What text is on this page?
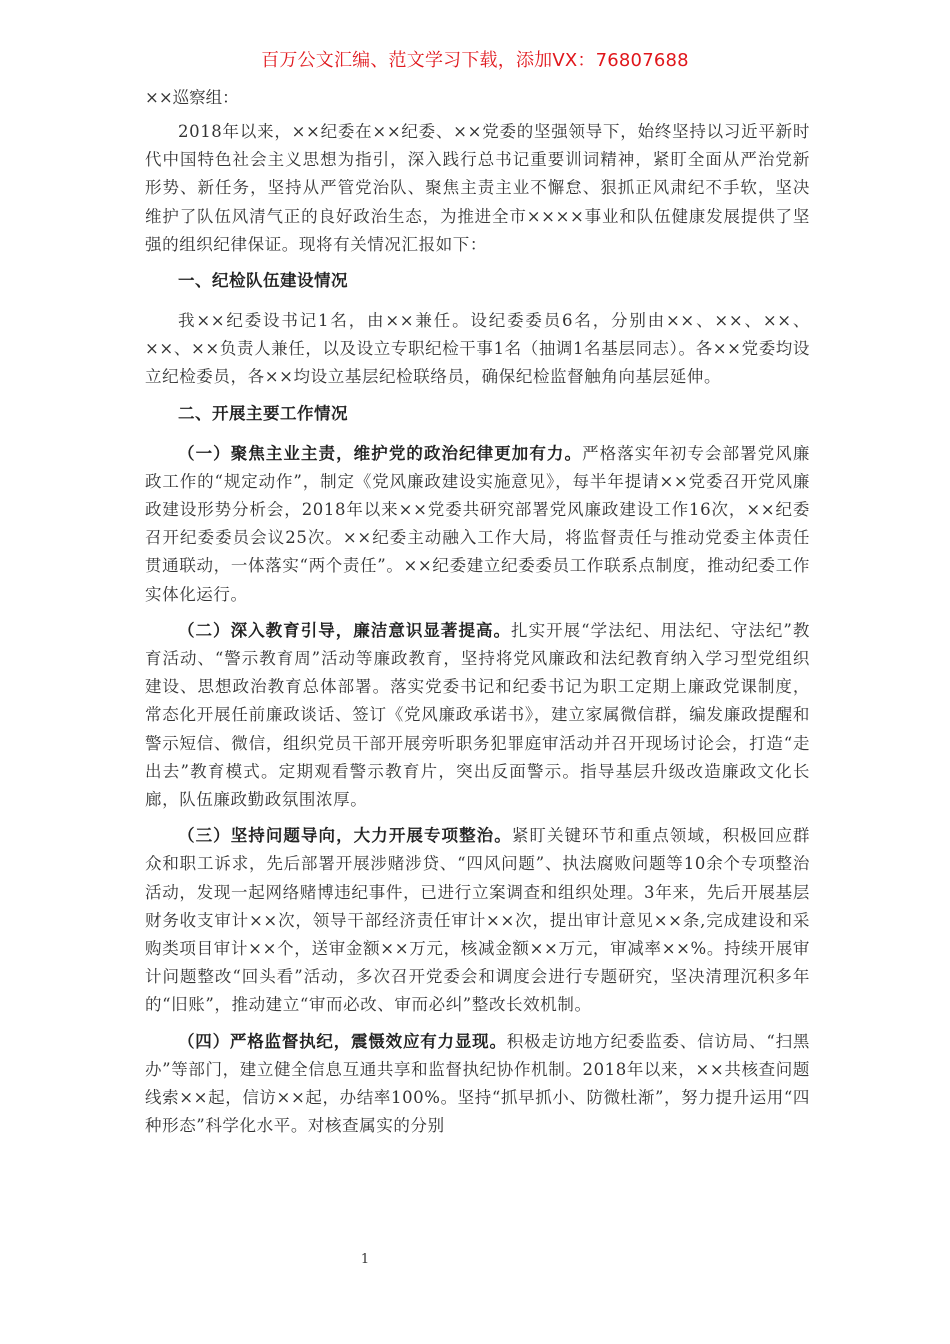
百万公文汇编、范文学习下载，添加VX：76807688
××巡察组：

2018年以来，××纪委在××纪委、××党委的坚强领导下，始终坚持以习近平新时代中国特色社会主义思想为指引，深入践行总书记重要训词精神，紧盯全面从严治党新形势、新任务，坚持从严管党治队、聚焦主责主业不懈怠、狠抓正风肃纪不手软，坚决维护了队伍风清气正的良好政治生态，为推进全市××××事业和队伍健康发展提供了坚强的组织纪律保证。现将有关情况汇报如下：

一、纪检队伍建设情况

我××纪委设书记1名，由××兼任。设纪委委员6名，分别由××、××、××、××、××负责人兼任，以及设立专职纪检干事1名（抽调1名基层同志）。各××党委均设立纪检委员，各××均设立基层纪检联络员，确保纪检监督触角向基层延伸。

二、开展主要工作情况

（一）聚焦主业主责，维护党的政治纪律更加有力。严格落实年初专会部署党风廉政工作的“规定动作”，制定《党风廉政建设实施意见》，每半年提请××党委召开党风廉政建设形势分析会，2018年以来××党委共研究部署党风廉政建设工作16次，××纪委召开纪委委员会议25次。××纪委主动融入工作大局，将监督责任与推动党委主体责任贯通联动，一体落实“两个责任”。××纪委建立纪委委员工作联系点制度，推动纪委工作实体化运行。

（二）深入教育引导，廉洁意识显著提高。扎实开展“学法纪、用法纪、守法纪”教育活动、“警示教育周”活动等廉政教育，坚持将党风廉政和法纪教育纳入学习型党组织建设、思想政治教育总体部署。落实党委书记和纪委书记为职工定期上廉政党课制度，常态化开展任前廉政谈话、签订《党风廉政承诺书》，建立家属微信群，编发廉政提醒和警示短信、微信，组织党员干部开展旁听职务犯罪庭审活动并召开现场讨论会，打造“走出去”教育模式。定期观看警示教育片，突出反面警示。指导基层升级改造廉政文化长廊，队伍廉政勤政氛围浓厚。

（三）坚持问题导向，大力开展专项整治。紧盯关键环节和重点领域，积极回应群众和职工诉求，先后部署开展涉赌涉贷、“四风问题”、执法腐败问题等10余个专项整治活动，发现一起网络赌博违纪事件，已进行立案调查和组织处理。3年来，先后开展基层财务收支审计××次，领导干部经济责任审计××次，提出审计意见××条,完成建设和采购类项目审计××个，送审金额××万元，核减金额××万元，审减率××%。持续开展审计问题整改“回头看”活动，多次召开党委会和调度会进行专题研究，坚决清理沉积多年的“旧账”，推动建立“审而必改、审而必纠”整改长效机制。

（四）严格监督执纪，震慑效应有力显现。积极走访地方纪委监委、信访局、“扫黑办”等部门，建立健全信息互通共享和监督执纪协作机制。2018年以来，××共核查问题线索××起，信访××起，办结率100%。坚持“抓早抓小、防微杜渐”，努力提升运用“四种形态”科学化水平。对核查属实的分别

1
